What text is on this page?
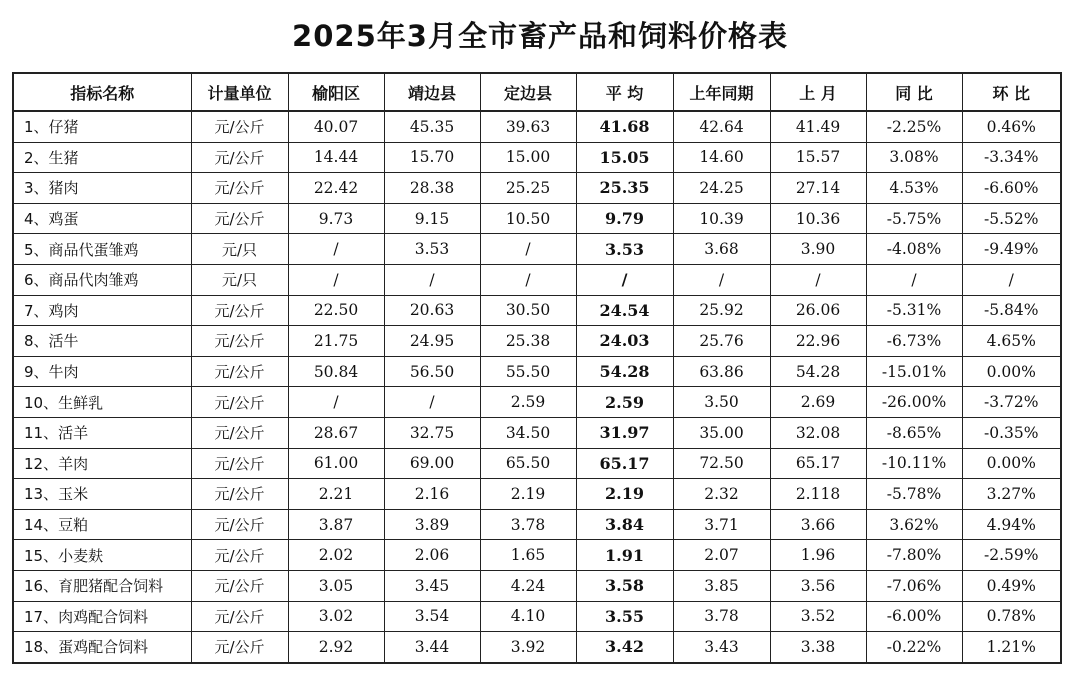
2025年3月全市畜产品和饲料价格表
指标名称	计量单位	榆阳区	靖边县	定边县	平 均	上年同期	上 月	同 比	环 比
1、仔猪	元/公斤	40.07	45.35	39.63	41.68	42.64	41.49	-2.25%	0.46%
2、生猪	元/公斤	14.44	15.70	15.00	15.05	14.60	15.57	3.08%	-3.34%
3、猪肉	元/公斤	22.42	28.38	25.25	25.35	24.25	27.14	4.53%	-6.60%
4、鸡蛋	元/公斤	9.73	9.15	10.50	9.79	10.39	10.36	-5.75%	-5.52%
5、商品代蛋雏鸡	元/只	/	3.53	/	3.53	3.68	3.90	-4.08%	-9.49%
6、商品代肉雏鸡	元/只	/	/	/	/	/	/	/	/
7、鸡肉	元/公斤	22.50	20.63	30.50	24.54	25.92	26.06	-5.31%	-5.84%
8、活牛	元/公斤	21.75	24.95	25.38	24.03	25.76	22.96	-6.73%	4.65%
9、牛肉	元/公斤	50.84	56.50	55.50	54.28	63.86	54.28	-15.01%	0.00%
10、生鲜乳	元/公斤	/	/	2.59	2.59	3.50	2.69	-26.00%	-3.72%
11、活羊	元/公斤	28.67	32.75	34.50	31.97	35.00	32.08	-8.65%	-0.35%
12、羊肉	元/公斤	61.00	69.00	65.50	65.17	72.50	65.17	-10.11%	0.00%
13、玉米	元/公斤	2.21	2.16	2.19	2.19	2.32	2.118	-5.78%	3.27%
14、豆粕	元/公斤	3.87	3.89	3.78	3.84	3.71	3.66	3.62%	4.94%
15、小麦麸	元/公斤	2.02	2.06	1.65	1.91	2.07	1.96	-7.80%	-2.59%
16、育肥猪配合饲料	元/公斤	3.05	3.45	4.24	3.58	3.85	3.56	-7.06%	0.49%
17、肉鸡配合饲料	元/公斤	3.02	3.54	4.10	3.55	3.78	3.52	-6.00%	0.78%
18、蛋鸡配合饲料	元/公斤	2.92	3.44	3.92	3.42	3.43	3.38	-0.22%	1.21%
